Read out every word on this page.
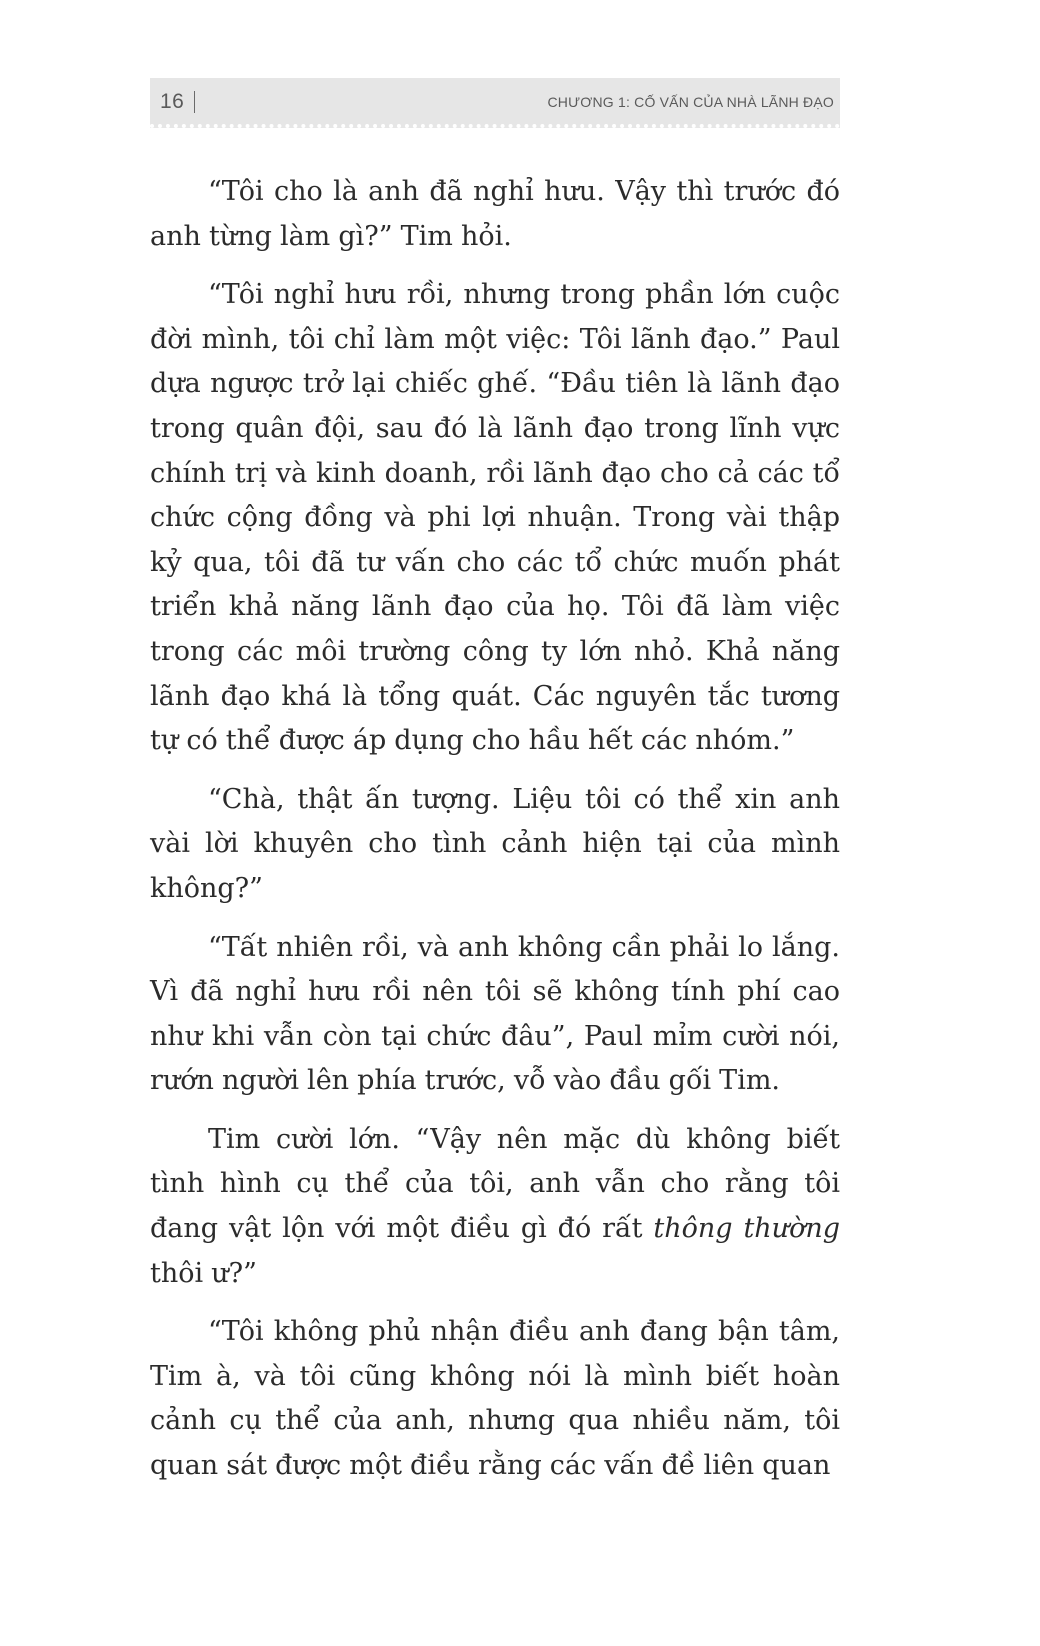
16	CHƯƠNG 1: CỐ VẤN CỦA NHÀ LÃNH ĐẠO

“Tôi cho là anh đã nghỉ hưu. Vậy thì trước đó anh từng làm gì?” Tim hỏi.

“Tôi nghỉ hưu rồi, nhưng trong phần lớn cuộc đời mình, tôi chỉ làm một việc: Tôi lãnh đạo.” Paul dựa ngược trở lại chiếc ghế. “Đầu tiên là lãnh đạo trong quân đội, sau đó là lãnh đạo trong lĩnh vực chính trị và kinh doanh, rồi lãnh đạo cho cả các tổ chức cộng đồng và phi lợi nhuận. Trong vài thập kỷ qua, tôi đã tư vấn cho các tổ chức muốn phát triển khả năng lãnh đạo của họ. Tôi đã làm việc trong các môi trường công ty lớn nhỏ. Khả năng lãnh đạo khá là tổng quát. Các nguyên tắc tương tự có thể được áp dụng cho hầu hết các nhóm.”

“Chà, thật ấn tượng. Liệu tôi có thể xin anh vài lời khuyên cho tình cảnh hiện tại của mình không?”

“Tất nhiên rồi, và anh không cần phải lo lắng. Vì đã nghỉ hưu rồi nên tôi sẽ không tính phí cao như khi vẫn còn tại chức đâu”, Paul mỉm cười nói, rướn người lên phía trước, vỗ vào đầu gối Tim.

Tim cười lớn. “Vậy nên mặc dù không biết tình hình cụ thể của tôi, anh vẫn cho rằng tôi đang vật lộn với một điều gì đó rất thông thường thôi ư?”

“Tôi không phủ nhận điều anh đang bận tâm, Tim à, và tôi cũng không nói là mình biết hoàn cảnh cụ thể của anh, nhưng qua nhiều năm, tôi quan sát được một điều rằng các vấn đề liên quan
